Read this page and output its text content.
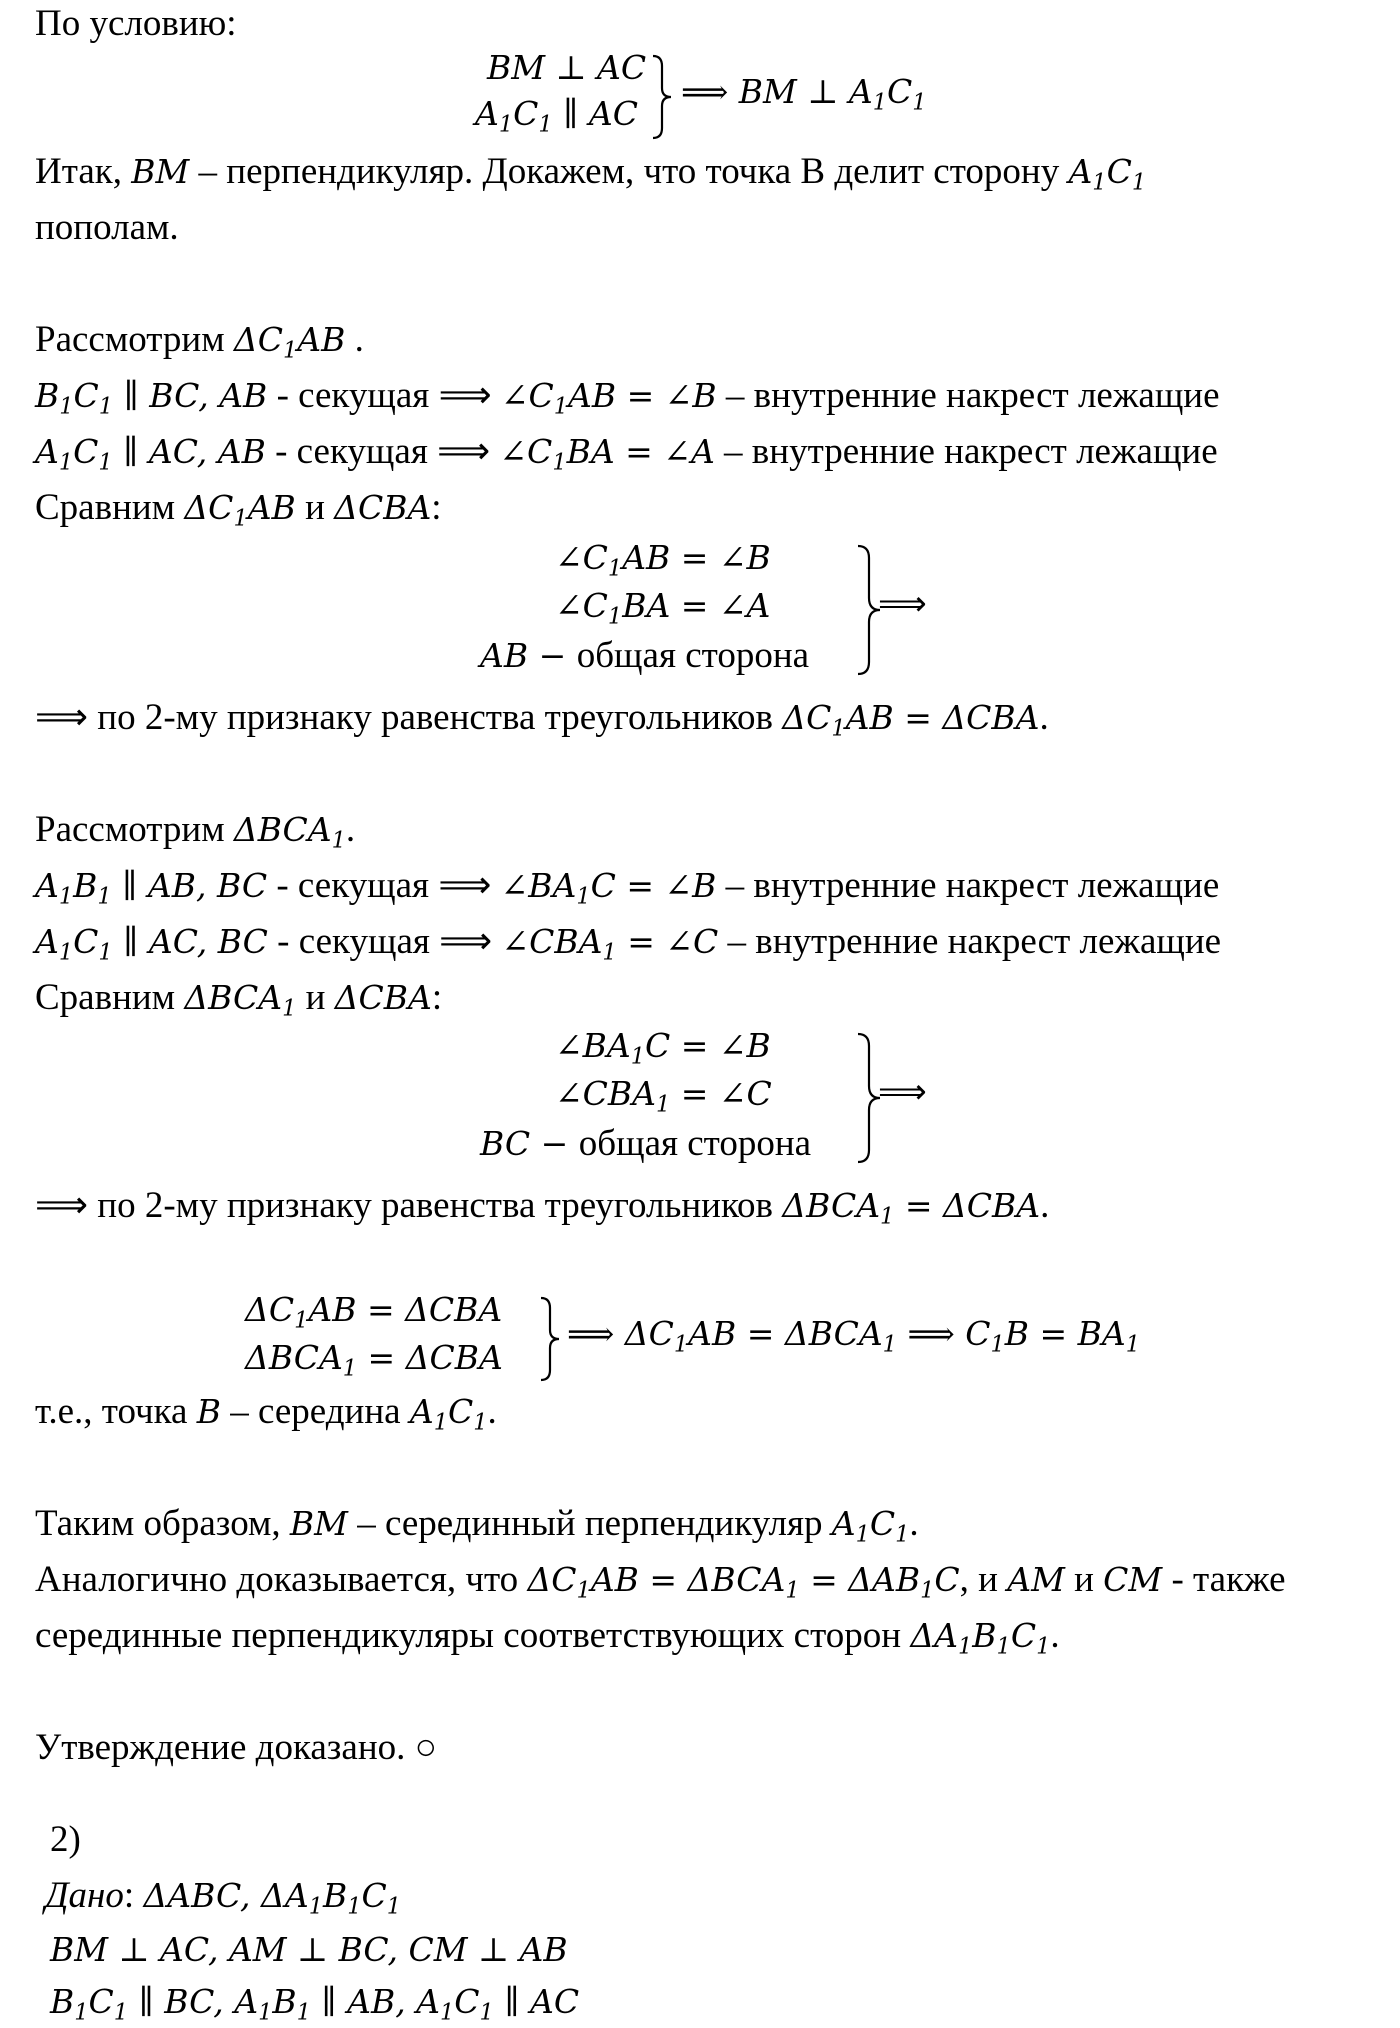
По условию:
BM ⊥ AC
$A_1C_1$ ∥ AC
⟹ BM ⊥ $A_1C_1$
Итак, BM – перпендикуляр. Докажем, что точка В делит сторону $A_1C_1$
пополам.
Рассмотрим $\Delta C_1AB$ .
$B_1C_1$ ∥ BC, AB - секущая ⟹ $\angle C_1AB$ = ∠B – внутренние накрест лежащие
$A_1C_1$ ∥ AC, AB - секущая ⟹ $\angle C_1BA$ = ∠A – внутренние накрест лежащие
Сравним $\Delta C_1AB$ и ΔCBA:
$\angle C_1AB$ = ∠B
$\angle C_1BA$ = ∠A
AB − общая сторона
⟹
⟹ по 2-му признаку равенства треугольников $\Delta C_1AB = \Delta CBA$.
Рассмотрим $\Delta BCA_1$.
$A_1B_1$ ∥ AB, BC - секущая ⟹ $\angle BA_1C$ = ∠B – внутренние накрест лежащие
$A_1C_1$ ∥ AC, BC - секущая ⟹ $\angle CBA_1$ = ∠C – внутренние накрест лежащие
Сравним $\Delta BCA_1$ и ΔCBA:
$\angle BA_1C$ = ∠B
$\angle CBA_1$ = ∠C
BC − общая сторона
⟹
⟹ по 2-му признаку равенства треугольников $\Delta BCA_1 = \Delta CBA$.
$\Delta C_1AB = \Delta CBA$
$\Delta BCA_1 = \Delta CBA$
⟹ $\Delta C_1AB = \Delta BCA_1$ ⟹ $C_1B = BA_1$
т.е., точка B – середина $A_1C_1$.
Таким образом, BM – серединный перпендикуляр $A_1C_1$.
Аналогично доказывается, что $\Delta C_1AB = \Delta BCA_1 = \Delta AB_1C$, и AM и CM - также
серединные перпендикуляры соответствующих сторон $\Delta A_1B_1C_1$.
Утверждение доказано. ○
2)
Дано: ΔABC, $\Delta A_1B_1C_1$
BM ⊥ AC, AM ⊥ BC, CM ⊥ AB
$B_1C_1$ ∥ BC, $A_1B_1$ ∥ AB, $A_1C_1$ ∥ AC
